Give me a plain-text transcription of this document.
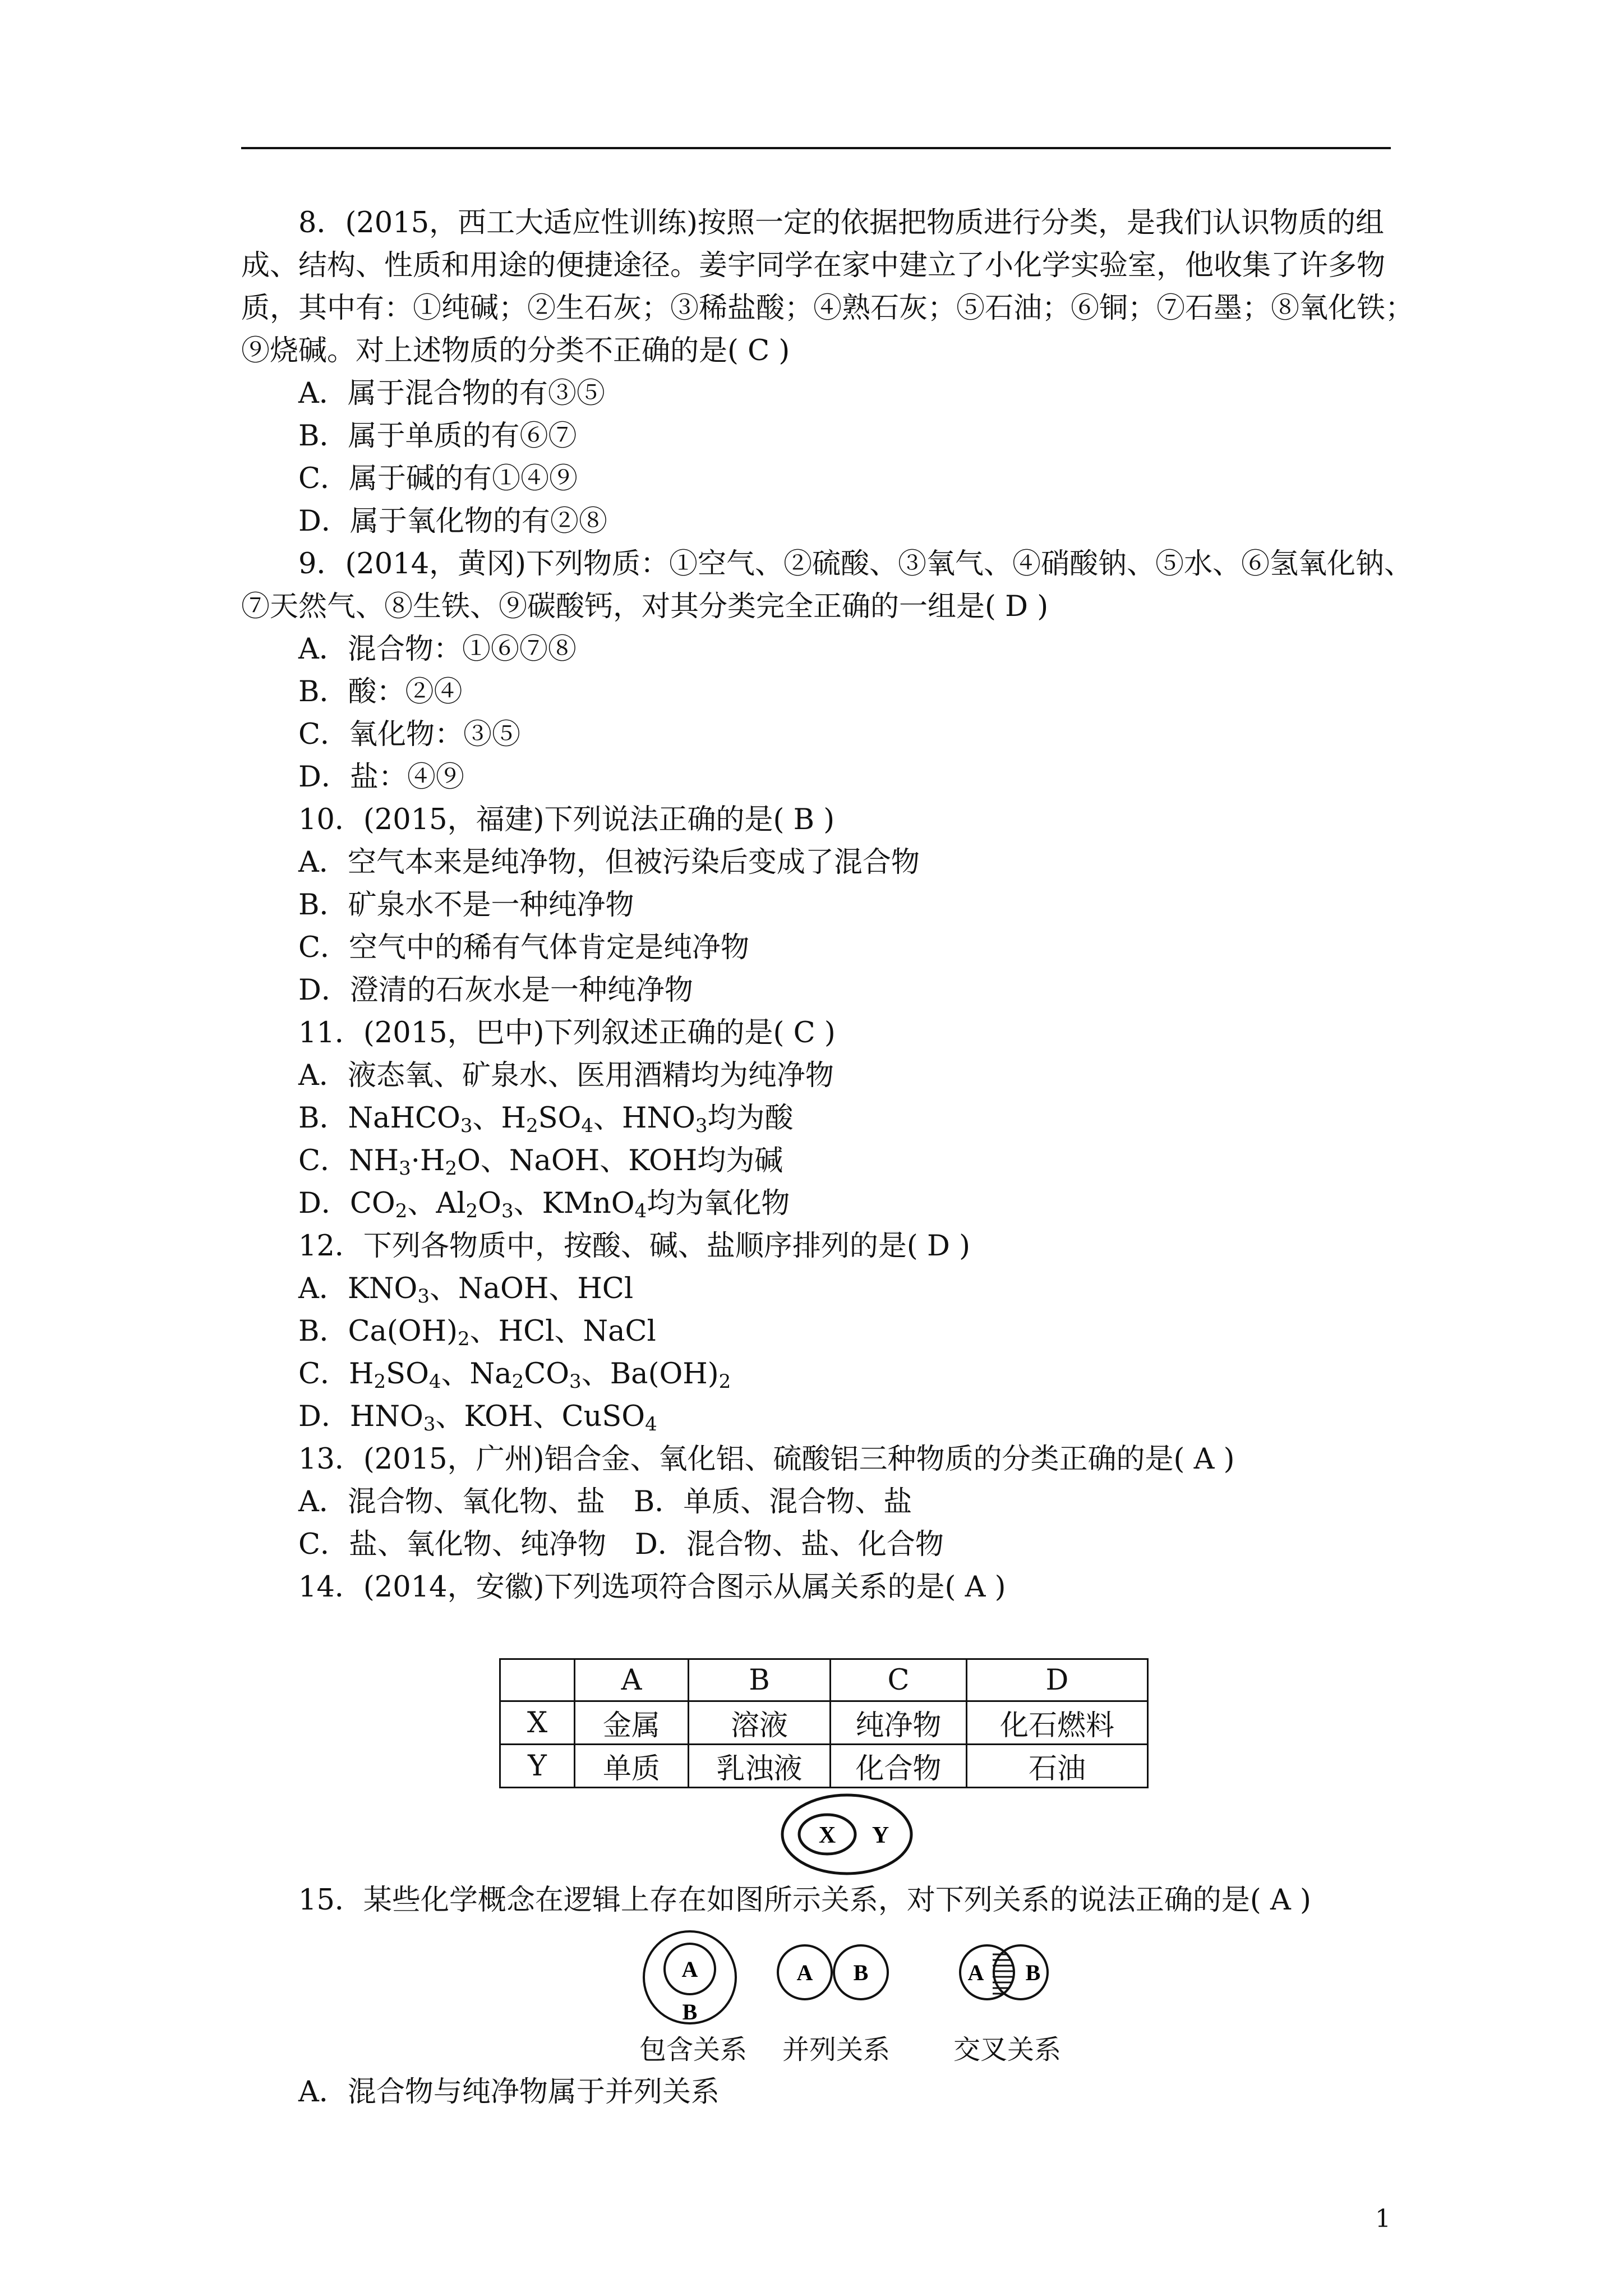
8．(2015，西工大适应性训练)按照一定的依据把物质进行分类，是我们认识物质的组
成、结构、性质和用途的便捷途径。姜宇同学在家中建立了小化学实验室，他收集了许多物
质，其中有：①纯碱；②生石灰；③稀盐酸；④熟石灰；⑤石油；⑥铜；⑦石墨；⑧氧化铁；
⑨烧碱。对上述物质的分类不正确的是( C )
A．属于混合物的有③⑤
B．属于单质的有⑥⑦
C．属于碱的有①④⑨
D．属于氧化物的有②⑧
9．(2014，黄冈)下列物质：①空气、②硫酸、③氧气、④硝酸钠、⑤水、⑥氢氧化钠、
⑦天然气、⑧生铁、⑨碳酸钙，对其分类完全正确的一组是( D )
A．混合物：①⑥⑦⑧
B．酸：②④
C．氧化物：③⑤
D．盐：④⑨
10．(2015，福建)下列说法正确的是( B )
A．空气本来是纯净物，但被污染后变成了混合物
B．矿泉水不是一种纯净物
C．空气中的稀有气体肯定是纯净物
D．澄清的石灰水是一种纯净物
11．(2015，巴中)下列叙述正确的是( C )
A．液态氧、矿泉水、医用酒精均为纯净物
B．NaHCO$_3$、$H_2SO_4$、$HNO_3$均为酸
C．$NH_3\cdot H_2O$、NaOH、KOH均为碱
D．$CO_2$、$Al_2O_3$、KMnO$_4$均为氧化物
12．下列各物质中，按酸、碱、盐顺序排列的是( D )
A．$KNO_3$、NaOH、HCl
B．$Ca(OH)_2$、HCl、NaCl
C．$H_2SO_4$、$Na_2CO_3$、$Ba(OH)_2$
D．$HNO_3$、KOH、CuSO$_4$
13．(2015，广州)铝合金、氧化铝、硫酸铝三种物质的分类正确的是( A )
A．混合物、氧化物、盐　B．单质、混合物、盐
C．盐、氧化物、纯净物　D．混合物、盐、化合物
14．(2014，安徽)下列选项符合图示从属关系的是( A )
	A	B	C	D
X	金属	溶液	纯净物	化石燃料
Y	单质	乳浊液	化合物	石油
X Y
15．某些化学概念在逻辑上存在如图所示关系，对下列关系的说法正确的是( A )
A
B
A B	A B
包含关系 并列关系 交叉关系
A．混合物与纯净物属于并列关系
1
